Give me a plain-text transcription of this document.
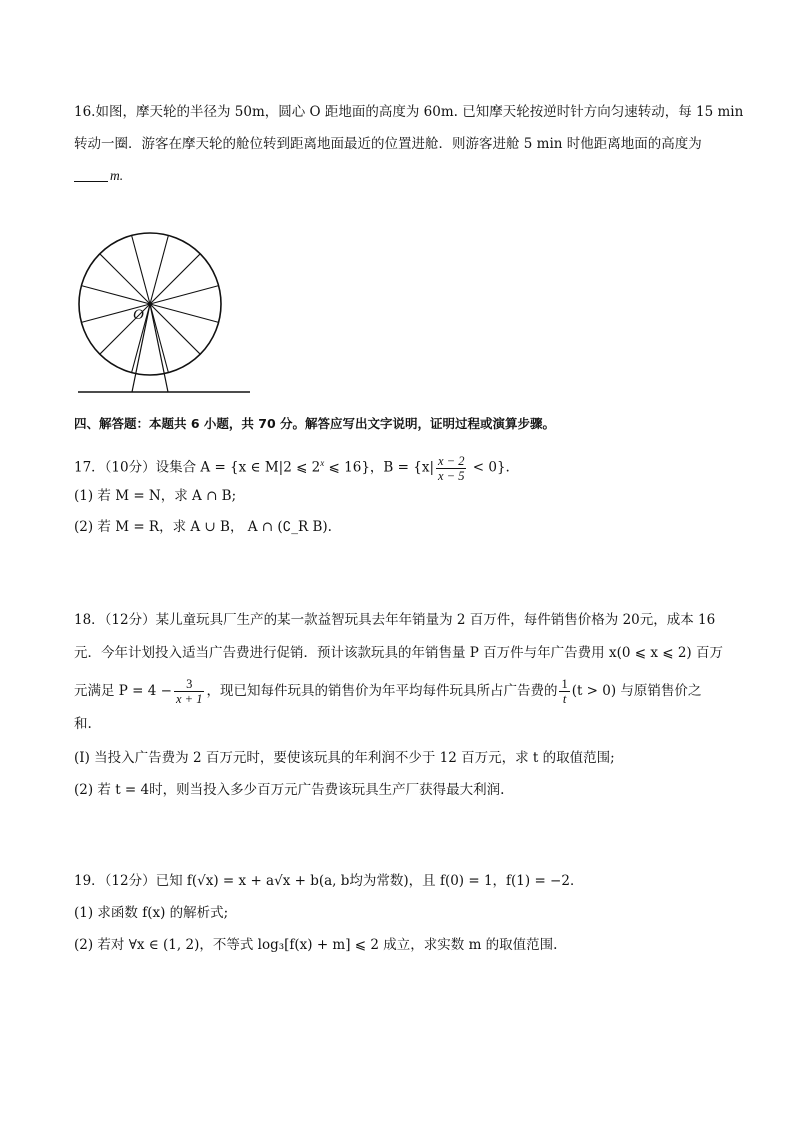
16.如图，摩天轮的半径为 50m，圆心 O 距地面的高度为 60m. 已知摩天轮按逆时针方向匀速转动，每 15 min
转动一圈．游客在摩天轮的舱位转到距离地面最近的位置进舱．则游客进舱 5 min 时他距离地面的高度为
m.
O
四、解答题：本题共 6 小题，共 70 分。解答应写出文字说明，证明过程或演算步骤。
17．（10分）设集合 A = {x ∈ M|2 ⩽ 2$^x$ ⩽ 16}，$B = \{x| \frac{x - 2}{x - 5} < 0\}$.
(1) 若 M = N，求 A ∩ B;
(2) 若 M = R，求 A ∪ B， A ∩ (∁_R B).
18．（12分）某儿童玩具厂生产的某一款益智玩具去年年销量为 2 百万件，每件销售价格为 20元，成本 16
元．今年计划投入适当广告费进行促销．预计该款玩具的年销售量 P 百万件与年广告费用 x(0 ⩽ x ⩽ 2) 百万
元满足 $P = 4 - \frac{3}{x + 1}$ ，现已知每件玩具的销售价为年平均每件玩具所占广告费的 $\frac{1}{t} (t > 0)$ 与原销售价之
和.
(I) 当投入广告费为 2 百万元时，要使该玩具的年利润不少于 12 百万元，求 t 的取值范围;
(2) 若 t = 4时，则当投入多少百万元广告费该玩具生产厂获得最大利润.
19．（12分）已知 f(√x) = x + a√x + b(a, b均为常数)，且 f(0) = 1，f(1) = −2．
(1) 求函数 f(x) 的解析式;
(2) 若对 ∀x ∈ (1, 2)，不等式 log₃[f(x) + m] ⩽ 2 成立，求实数 m 的取值范围.
